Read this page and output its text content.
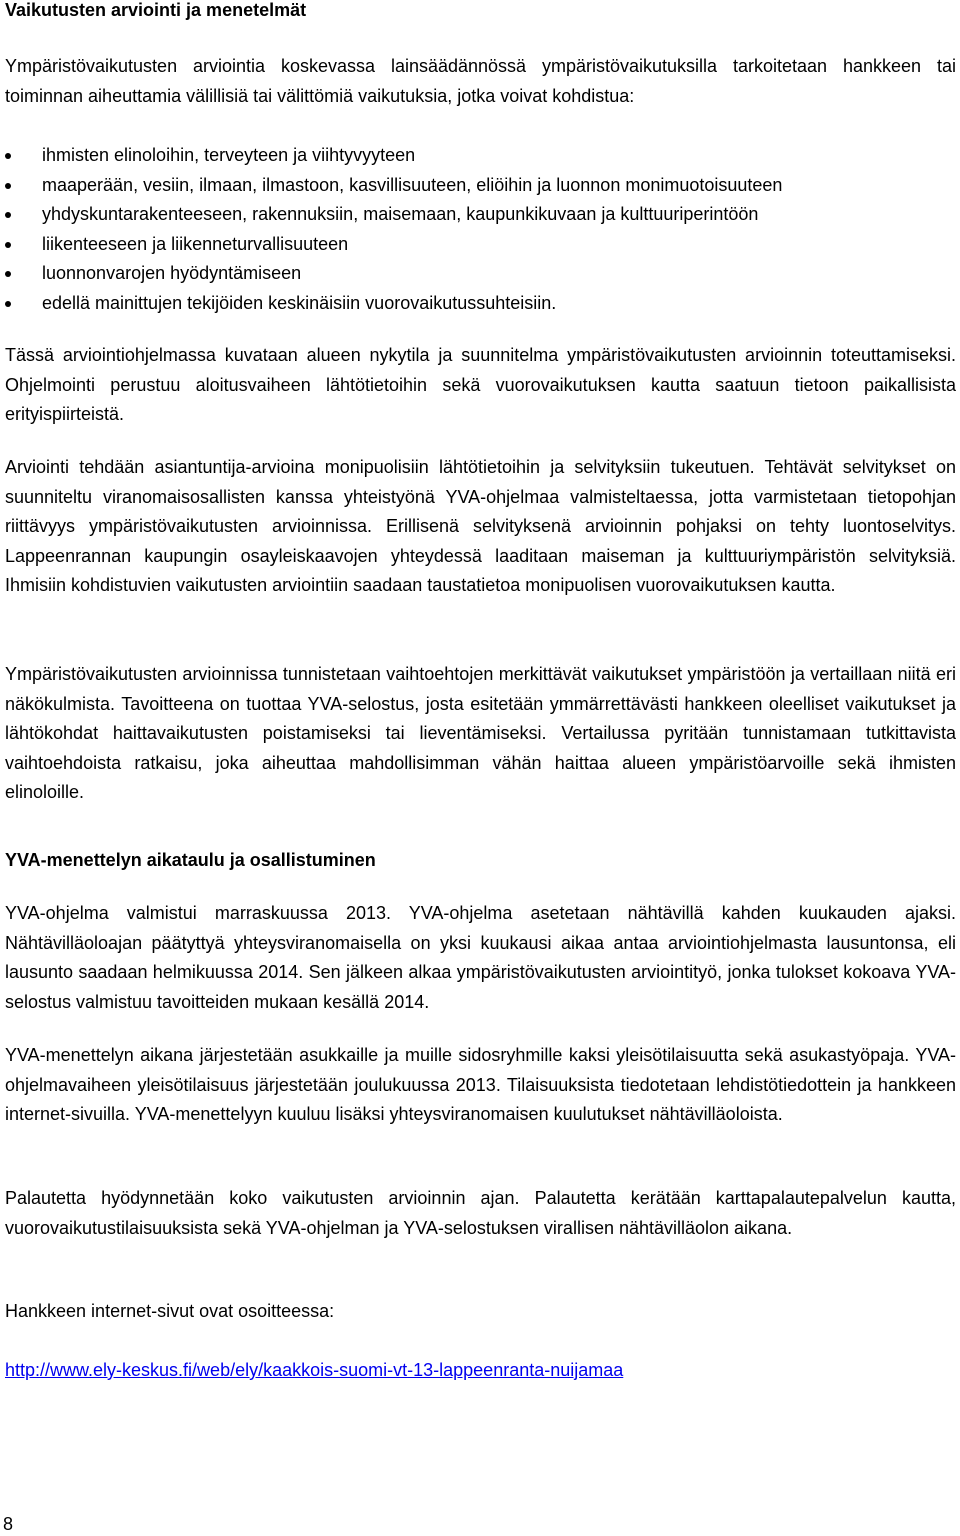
Vaikutusten arviointi ja menetelmät

Ympäristövaikutusten arviointia koskevassa lainsäädännössä ympäristövaikutuksilla tarkoitetaan hankkeen tai toiminnan aiheuttamia välillisiä tai välittömiä vaikutuksia, jotka voivat kohdistua:

ihmisten elinoloihin, terveyteen ja viihtyvyyteen
maaperään, vesiin, ilmaan, ilmastoon, kasvillisuuteen, eliöihin ja luonnon monimuotoisuuteen
yhdyskuntarakenteeseen, rakennuksiin, maisemaan, kaupunkikuvaan ja kulttuuriperintöön
liikenteeseen ja liikenneturvallisuuteen
luonnonvarojen hyödyntämiseen
edellä mainittujen tekijöiden keskinäisiin vuorovaikutussuhteisiin.

Tässä arviointiohjelmassa kuvataan alueen nykytila ja suunnitelma ympäristövaikutusten arvioinnin toteuttamiseksi. Ohjelmointi perustuu aloitusvaiheen lähtötietoihin sekä vuorovaikutuksen kautta saatuun tietoon paikallisista erityispiirteistä.

Arviointi tehdään asiantuntija-arvioina monipuolisiin lähtötietoihin ja selvityksiin tukeutuen. Tehtävät selvitykset on suunniteltu viranomaisosallisten kanssa yhteistyönä YVA-ohjelmaa valmisteltaessa, jotta varmistetaan tietopohjan riittävyys ympäristövaikutusten arvioinnissa. Erillisenä selvityksenä arvioinnin pohjaksi on tehty luontoselvitys. Lappeenrannan kaupungin osayleiskaavojen yhteydessä laaditaan maiseman ja kulttuuriympäristön selvityksiä. Ihmisiin kohdistuvien vaikutusten arviointiin saadaan taustatietoa monipuolisen vuorovaikutuksen kautta.

Ympäristövaikutusten arvioinnissa tunnistetaan vaihtoehtojen merkittävät vaikutukset ympäristöön ja vertaillaan niitä eri näkökulmista. Tavoitteena on tuottaa YVA-selostus, josta esitetään ymmärrettävästi hankkeen oleelliset vaikutukset ja lähtökohdat haittavaikutusten poistamiseksi tai lieventämiseksi. Vertailussa pyritään tunnistamaan tutkittavista vaihtoehdoista ratkaisu, joka aiheuttaa mahdollisimman vähän haittaa alueen ympäristöarvoille sekä ihmisten elinoloille.

YVA-menettelyn aikataulu ja osallistuminen

YVA-ohjelma valmistui marraskuussa 2013. YVA-ohjelma asetetaan nähtävillä kahden kuukauden ajaksi. Nähtävilläoloajan päätyttyä yhteysviranomaisella on yksi kuukausi aikaa antaa arviointiohjelmasta lausuntonsa, eli lausunto saadaan helmikuussa 2014. Sen jälkeen alkaa ympäristövaikutusten arviointityö, jonka tulokset kokoava YVA-selostus valmistuu tavoitteiden mukaan kesällä 2014.

YVA-menettelyn aikana järjestetään asukkaille ja muille sidosryhmille kaksi yleisötilaisuutta sekä asukastyöpaja. YVA-ohjelmavaiheen yleisötilaisuus järjestetään joulukuussa 2013. Tilaisuuksista tiedotetaan lehdistötiedottein ja hankkeen internet-sivuilla. YVA-menettelyyn kuuluu lisäksi yhteysviranomaisen kuulutukset nähtävilläoloista.

Palautetta hyödynnetään koko vaikutusten arvioinnin ajan. Palautetta kerätään karttapalautepalvelun kautta, vuorovaikutustilaisuuksista sekä YVA-ohjelman ja YVA-selostuksen virallisen nähtävilläolon aikana.

Hankkeen internet-sivut ovat osoitteessa:

http://www.ely-keskus.fi/web/ely/kaakkois-suomi-vt-13-lappeenranta-nuijamaa

8
